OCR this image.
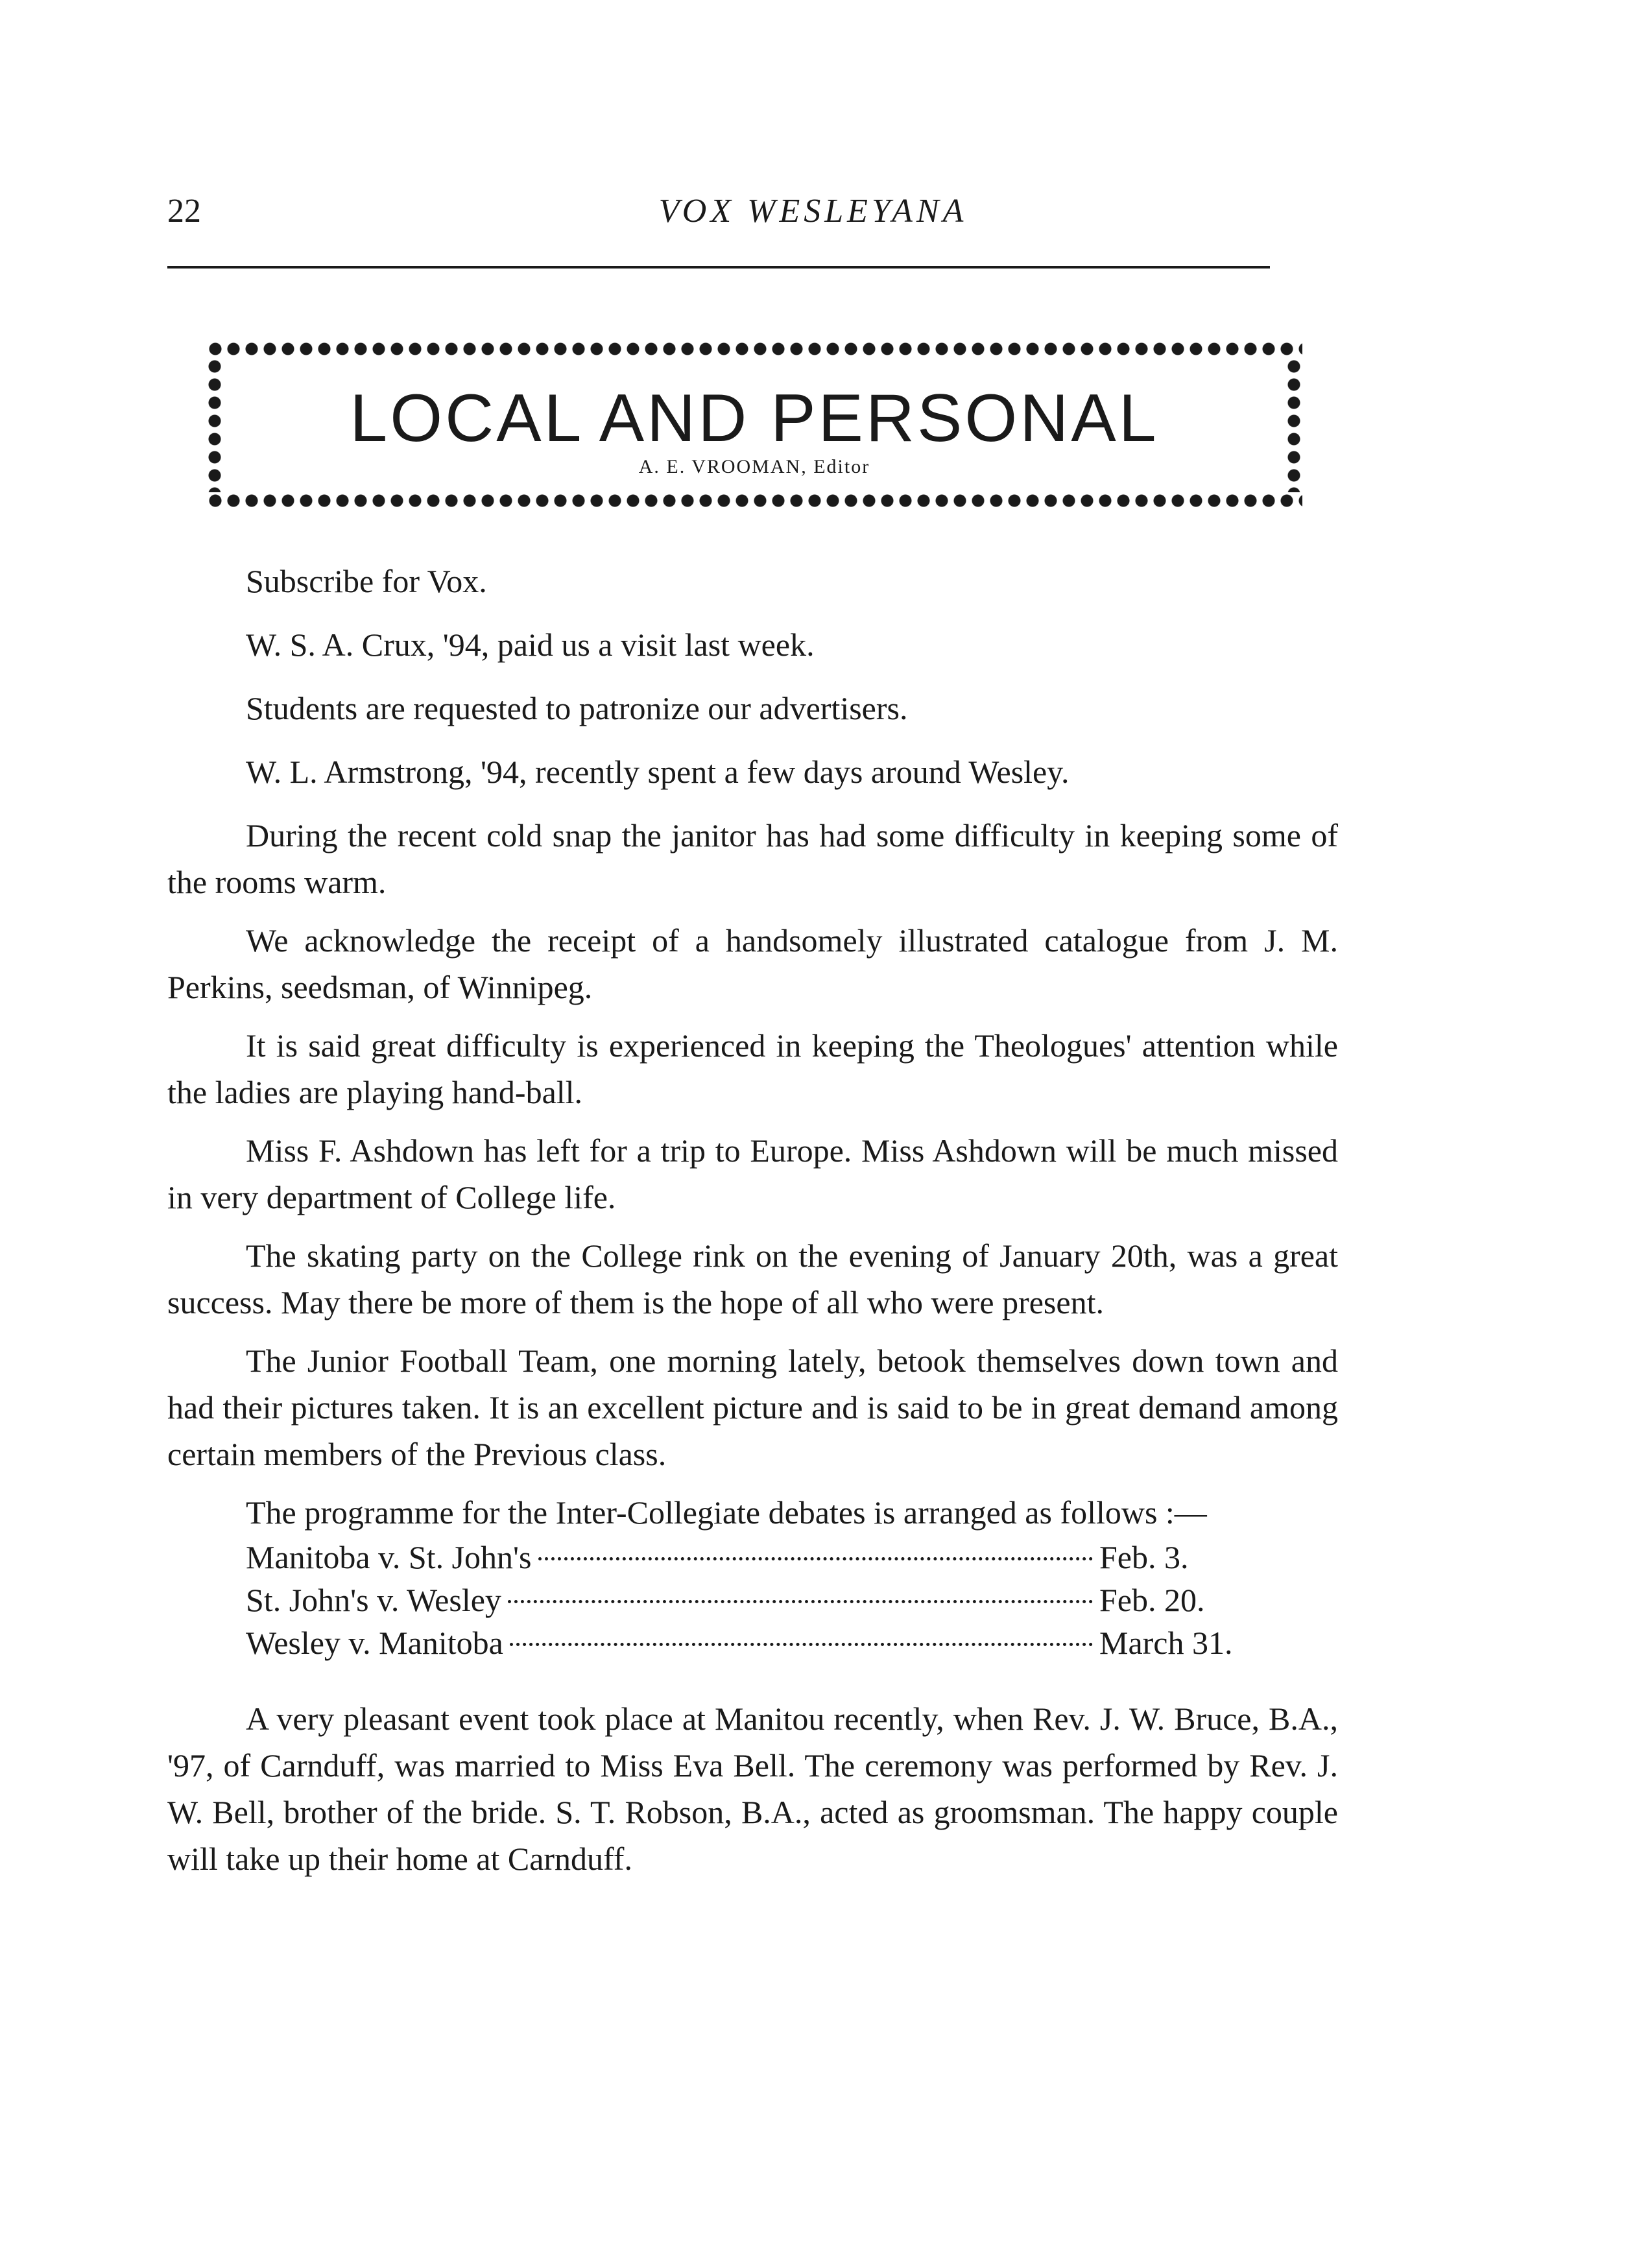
22	VOX WESLEYANA
LOCAL AND PERSONAL
A. E. VROOMAN, Editor

Subscribe for Vox.

W. S. A. Crux, '94, paid us a visit last week.

Students are requested to patronize our advertisers.

W. L. Armstrong, '94, recently spent a few days around Wesley.

During the recent cold snap the janitor has had some difficulty in keeping some of the rooms warm.

We acknowledge the receipt of a handsomely illustrated catalogue from J. M. Perkins, seedsman, of Winnipeg.

It is said great difficulty is experienced in keeping the Theologues' attention while the ladies are playing hand-ball.

Miss F. Ashdown has left for a trip to Europe. Miss Ashdown will be much missed in very department of College life.

The skating party on the College rink on the evening of January 20th, was a great success. May there be more of them is the hope of all who were present.

The Junior Football Team, one morning lately, betook themselves down town and had their pictures taken. It is an excellent picture and is said to be in great demand among certain members of the Previous class.

The programme for the Inter-Collegiate debates is arranged as follows :—

Manitoba v. St. John's	Feb. 3.
St. John's v. Wesley	Feb. 20.
Wesley v. Manitoba	March 31.

A very pleasant event took place at Manitou recently, when Rev. J. W. Bruce, B.A., '97, of Carnduff, was married to Miss Eva Bell. The ceremony was performed by Rev. J. W. Bell, brother of the bride. S. T. Robson, B.A., acted as groomsman. The happy couple will take up their home at Carnduff.
